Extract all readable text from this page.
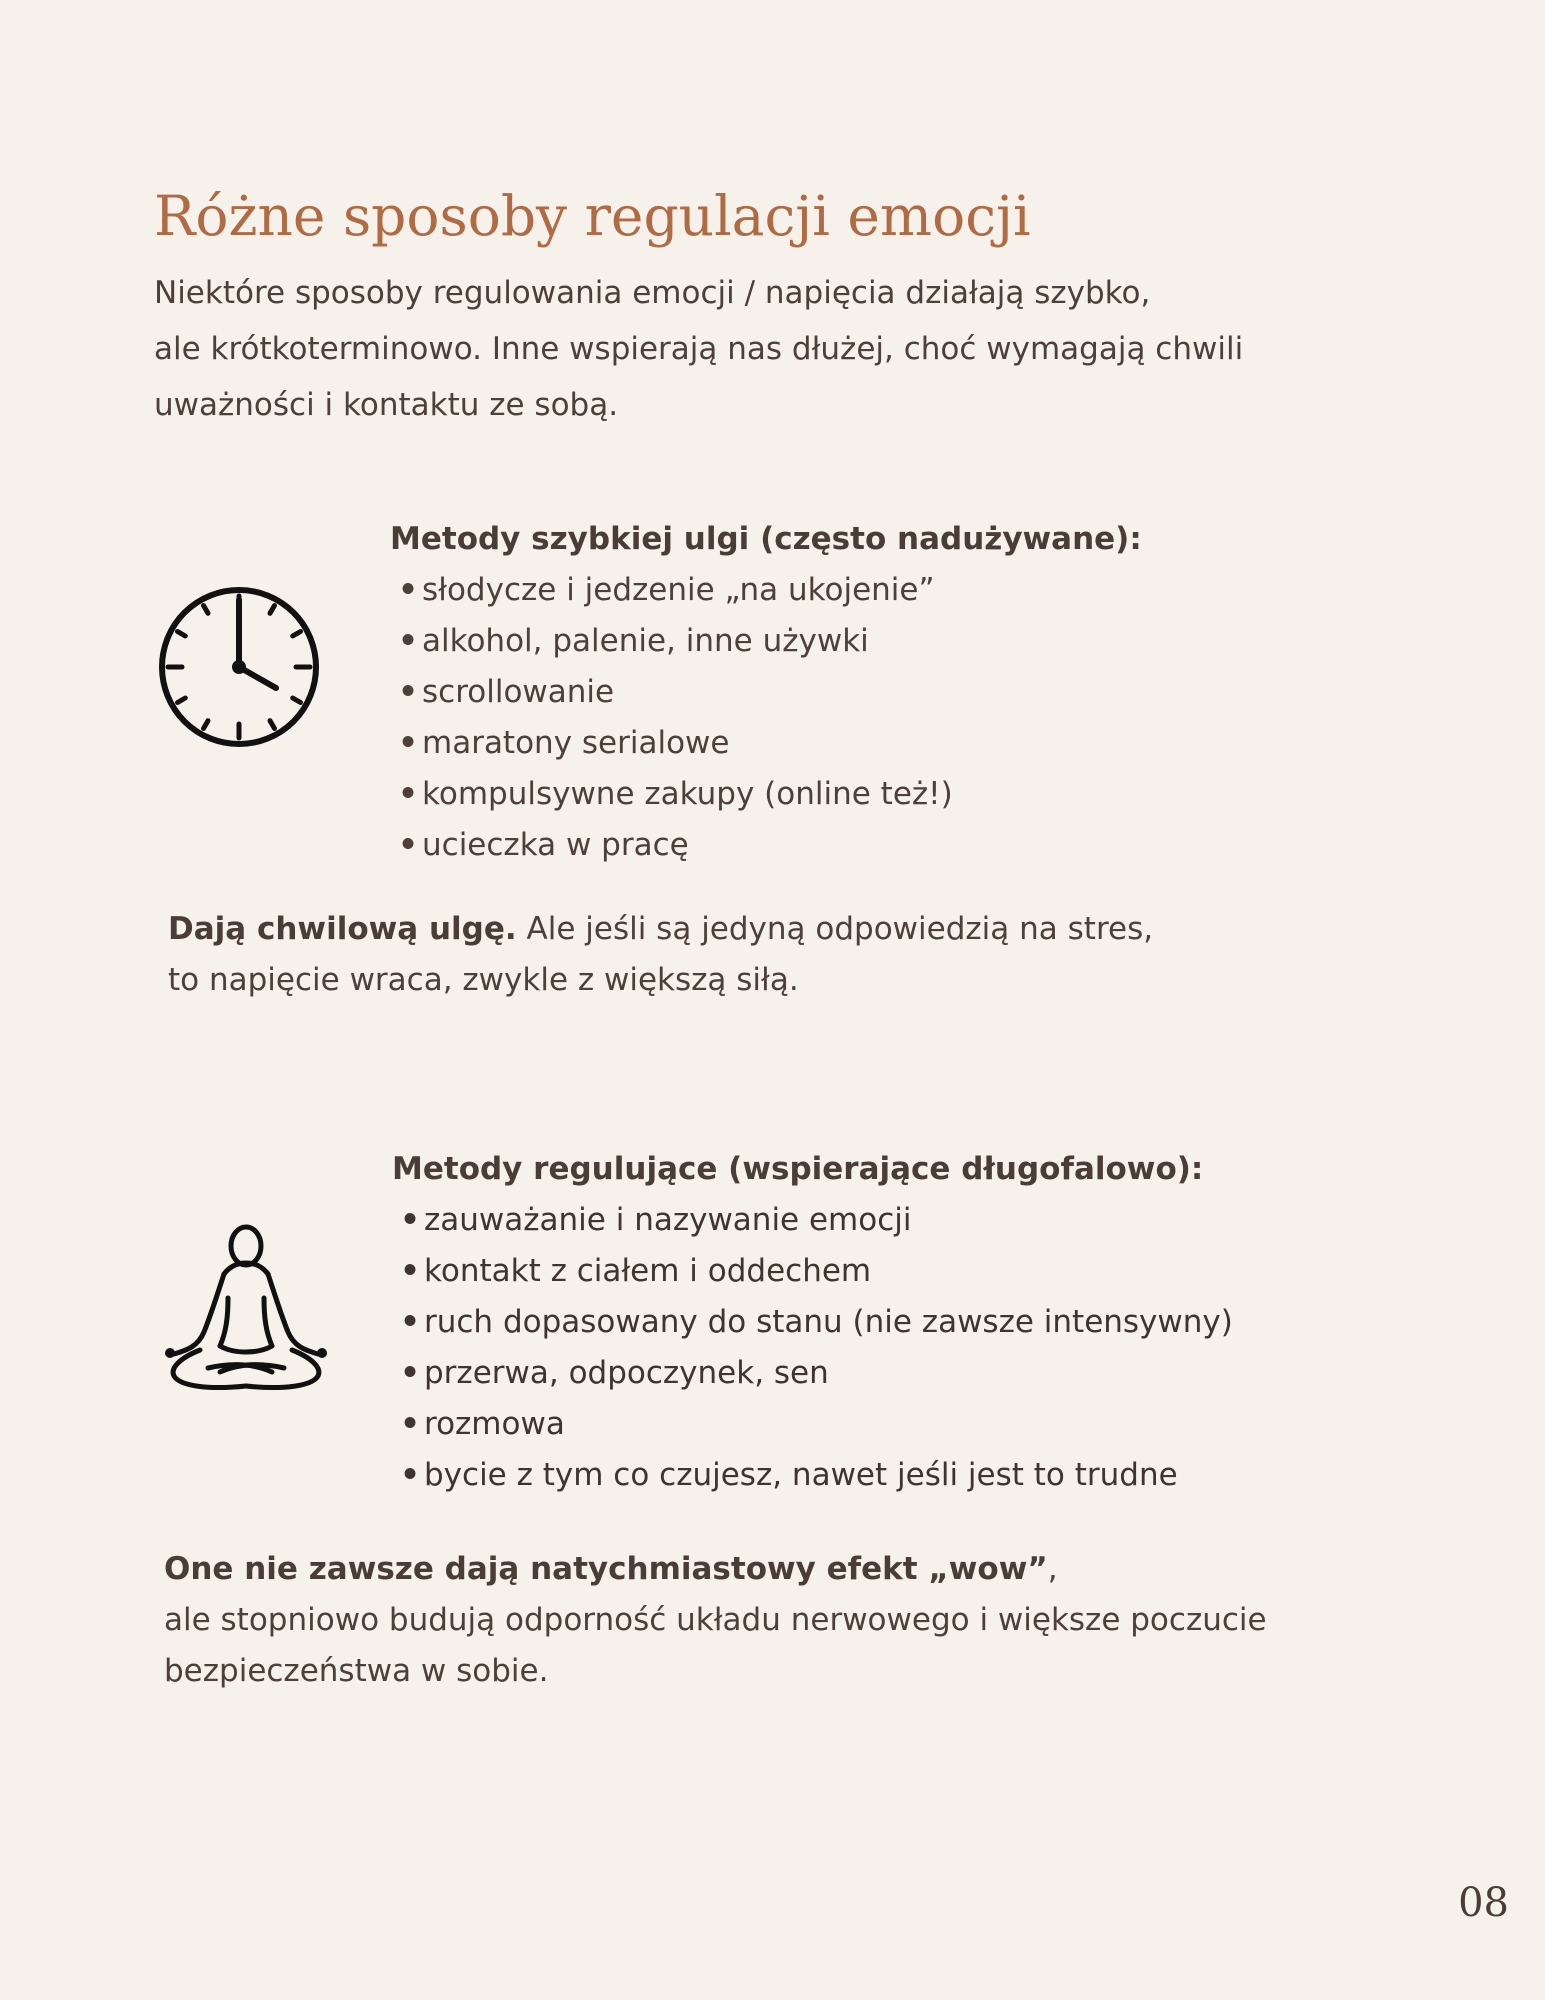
Różne sposoby regulacji emocji

Niektóre sposoby regulowania emocji / napięcia działają szybko,
ale krótkoterminowo. Inne wspierają nas dłużej, choć wymagają chwili
uważności i kontaktu ze sobą.

Metody szybkiej ulgi (często nadużywane):
• słodycze i jedzenie „na ukojenie”
• alkohol, palenie, inne używki
• scrollowanie
• maratony serialowe
• kompulsywne zakupy (online też!)
• ucieczka w pracę

Dają chwilową ulgę. Ale jeśli są jedyną odpowiedzią na stres,
to napięcie wraca, zwykle z większą siłą.

Metody regulujące (wspierające długofalowo):
• zauważanie i nazywanie emocji
• kontakt z ciałem i oddechem
• ruch dopasowany do stanu (nie zawsze intensywny)
• przerwa, odpoczynek, sen
• rozmowa
• bycie z tym co czujesz, nawet jeśli jest to trudne

One nie zawsze dają natychmiastowy efekt „wow”,
ale stopniowo budują odporność układu nerwowego i większe poczucie
bezpieczeństwa w sobie.

08
